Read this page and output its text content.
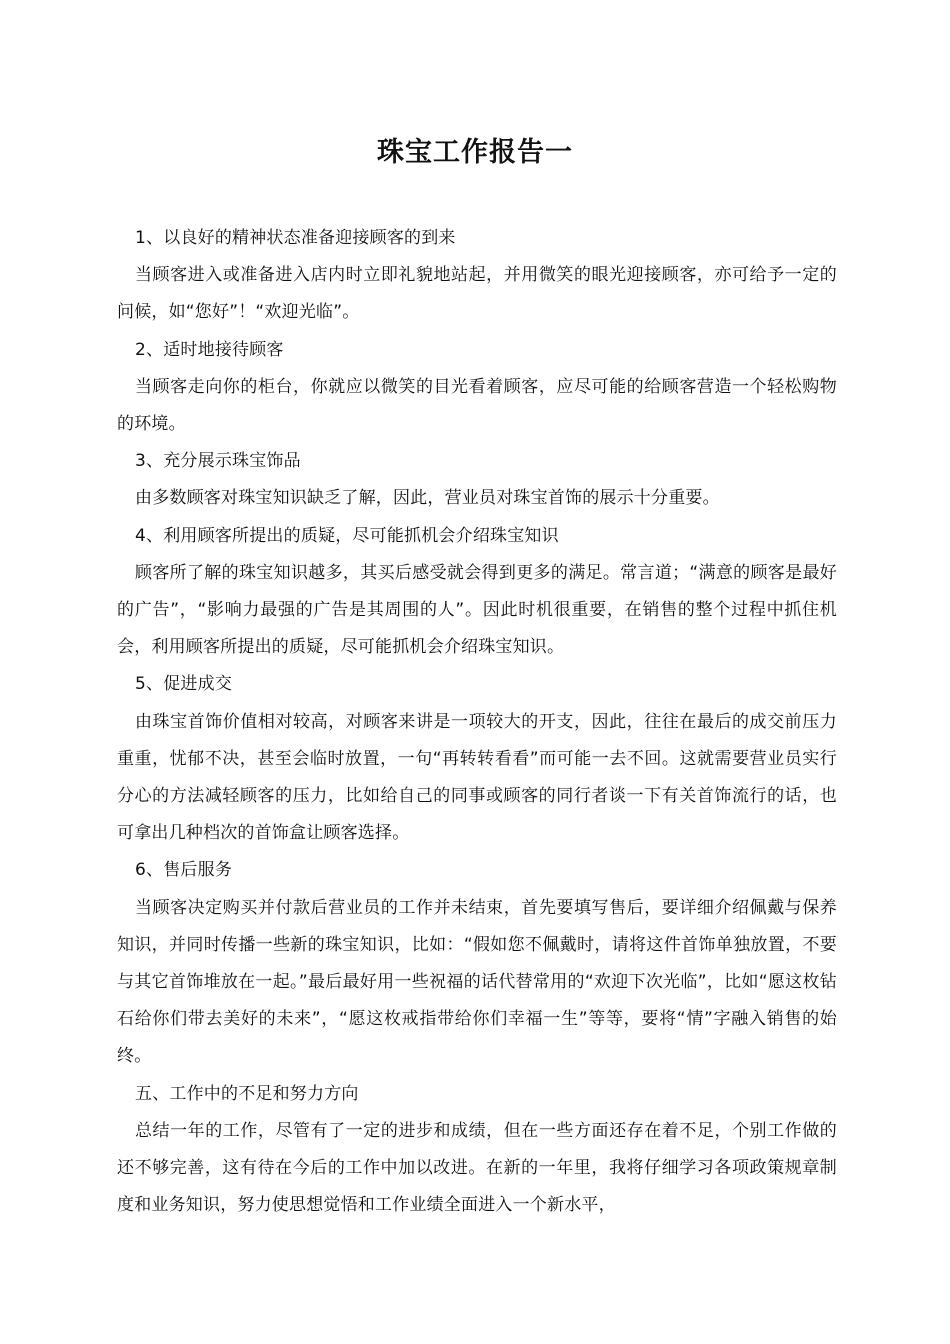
珠宝工作报告一

1、以良好的精神状态准备迎接顾客的到来

当顾客进入或准备进入店内时立即礼貌地站起，并用微笑的眼光迎接顾客，亦可给予一定的问候，如“您好”！“欢迎光临”。

2、适时地接待顾客

当顾客走向你的柜台，你就应以微笑的目光看着顾客，应尽可能的给顾客营造一个轻松购物的环境。

3、充分展示珠宝饰品

由多数顾客对珠宝知识缺乏了解，因此，营业员对珠宝首饰的展示十分重要。

4、利用顾客所提出的质疑，尽可能抓机会介绍珠宝知识

顾客所了解的珠宝知识越多，其买后感受就会得到更多的满足。常言道；“满意的顾客是最好的广告”，“影响力最强的广告是其周围的人”。因此时机很重要，在销售的整个过程中抓住机会，利用顾客所提出的质疑，尽可能抓机会介绍珠宝知识。

5、促进成交

由珠宝首饰价值相对较高，对顾客来讲是一项较大的开支，因此，往往在最后的成交前压力重重，忧郁不决，甚至会临时放置，一句“再转转看看”而可能一去不回。这就需要营业员实行分心的方法减轻顾客的压力，比如给自己的同事或顾客的同行者谈一下有关首饰流行的话，也可拿出几种档次的首饰盒让顾客选择。

6、售后服务

当顾客决定购买并付款后营业员的工作并未结束，首先要填写售后，要详细介绍佩戴与保养知识，并同时传播一些新的珠宝知识，比如：“假如您不佩戴时，请将这件首饰单独放置，不要与其它首饰堆放在一起。”最后最好用一些祝福的话代替常用的“欢迎下次光临”，比如“愿这枚钻石给你们带去美好的未来”，“愿这枚戒指带给你们幸福一生”等等，要将“情”字融入销售的始终。

五、工作中的不足和努力方向

总结一年的工作，尽管有了一定的进步和成绩，但在一些方面还存在着不足，个别工作做的还不够完善，这有待在今后的工作中加以改进。在新的一年里，我将仔细学习各项政策规章制度和业务知识，努力使思想觉悟和工作业绩全面进入一个新水平，
